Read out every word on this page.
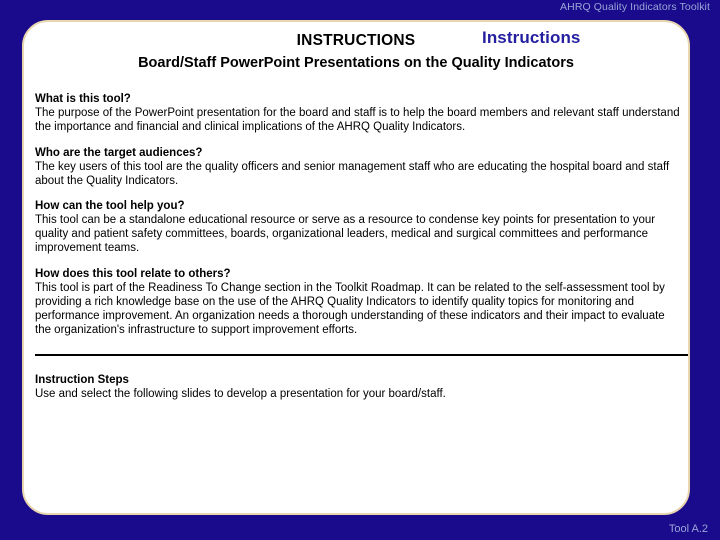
AHRQ Quality Indicators Toolkit
INSTRUCTIONS	Instructions
Board/Staff PowerPoint Presentations on the Quality Indicators
What is this tool?
The purpose of the PowerPoint presentation for the board and staff is to help the board members and relevant staff understand the importance and financial and clinical implications of the AHRQ Quality Indicators.
Who are the target audiences?
The key users of this tool are the quality officers and senior management staff who are educating the hospital board and staff about the Quality Indicators.
How can the tool help you?
This tool can be a standalone educational resource or serve as a resource to condense key points for presentation to your quality and patient safety committees, boards, organizational leaders, medical and surgical committees and performance improvement teams.
How does this tool relate to others?
This tool is part of the Readiness To Change section in the Toolkit Roadmap. It can be related to the self-assessment tool by providing a rich knowledge base on the use of the AHRQ Quality Indicators to identify quality topics for monitoring and performance improvement. An organization needs a thorough understanding of these indicators and their impact to evaluate the organization's infrastructure to support improvement efforts.
Instruction Steps
Use and select the following slides to develop a presentation for your board/staff.
Tool A.2
